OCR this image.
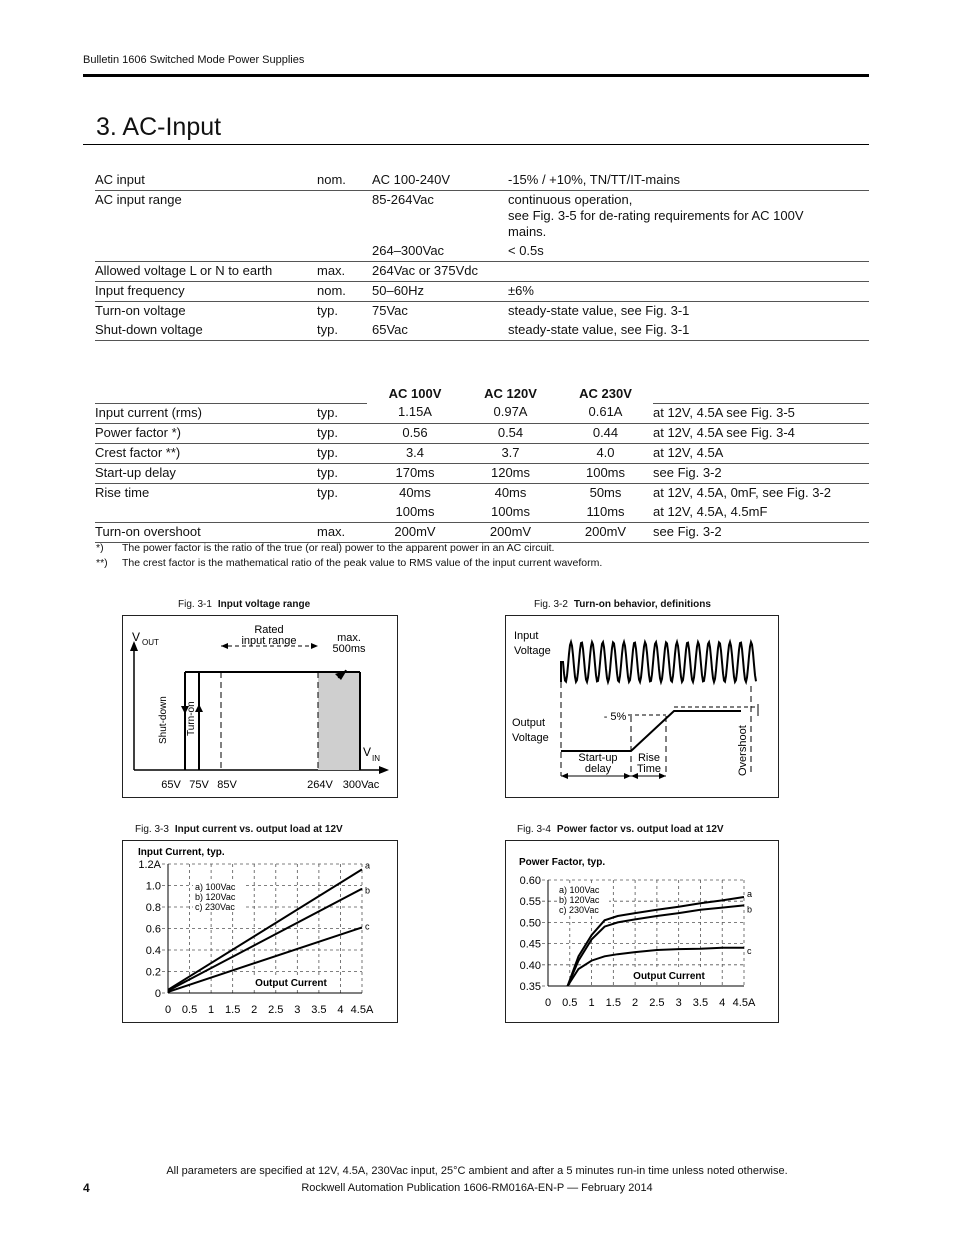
Bulletin 1606 Switched Mode Power Supplies
3. AC-Input
AC input	nom.	AC 100-240V	-15% / +10%, TN/TT/IT-mains
AC input range		85-264Vac	continuous operation,
see Fig. 3-5 for de-rating requirements for AC 100V
mains.
		264–300Vac	< 0.5s
Allowed voltage L or N to earth	max.	264Vac or 375Vdc	
Input frequency	nom.	50–60Hz	±6%
Turn-on voltage	typ.	75Vac	steady-state value, see Fig. 3-1
Shut-down voltage	typ.	65Vac	steady-state value, see Fig. 3-1
		AC 100V	AC 120V	AC 230V	
Input current (rms)	typ.	1.15A	0.97A	0.61A	at 12V, 4.5A see Fig. 3-5
Power factor *)	typ.	0.56	0.54	0.44	at 12V, 4.5A see Fig. 3-4
Crest factor **)	typ.	3.4	3.7	4.0	at 12V, 4.5A
Start-up delay	typ.	170ms	120ms	100ms	see Fig. 3-2
Rise time	typ.	40ms	40ms	50ms	at 12V, 4.5A, 0mF, see Fig. 3-2
		100ms	100ms	110ms	at 12V, 4.5A, 4.5mF
Turn-on overshoot	max.	200mV	200mV	200mV	see Fig. 3-2
*) The power factor is the ratio of the true (or real) power to the apparent power in an AC circuit.
**) The crest factor is the mathematical ratio of the peak value to RMS value of the input current waveform.
Fig. 3-1 Input voltage range
V OUT
V IN
Rated
input range	max.
500ms
Shut-down Turn-on
65V 75V 85V	264V 300Vac
Fig. 3-2 Turn-on behavior, definitions
Input
Voltage
Output
Voltage
- 5%
Start-up
delay
Rise
Time	Overshoot
Fig. 3-3 Input current vs. output load at 12V
Input Current, typ.
0 0.5 1 1.5 2 2.5 3 3.5 4 4.5A
0
0.2
0.4
0.6
0.8
1.0
1.2A
a) 100Vac
b) 120Vac
c) 230Vac
Output Current
a
b
c
Fig. 3-4 Power factor vs. output load at 12V
Power Factor, typ.
0 0.5 1 1.5 2 2.5 3 3.5 4 4.5A
0.35
0.40
0.45
0.50
0.55
0.60
a) 100Vac
b) 120Vac
c) 230Vac
Output Current
a
b
c
All parameters are specified at 12V, 4.5A, 230Vac input, 25°C ambient and after a 5 minutes run-in time unless noted otherwise.
Rockwell Automation Publication 1606-RM016A-EN-P — February 2014
4
